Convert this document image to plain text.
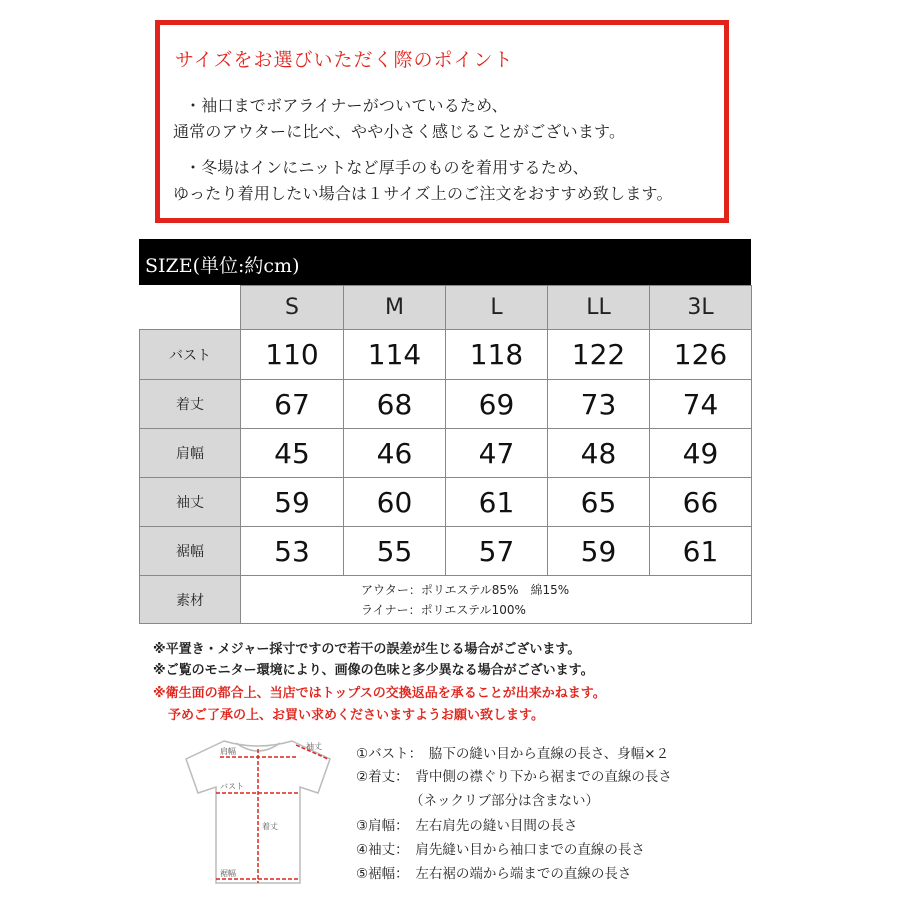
サイズをお選びいただく際のポイント
・袖口までボアライナーがついているため、
通常のアウターに比べ、やや小さく感じることがございます。
・冬場はインにニットなど厚手のものを着用するため、
ゆったり着用したい場合は１サイズ上のご注文をおすすめ致します。
SIZE(単位:約cm)
	S	M	L	LL	3L
バスト	110	114	118	122	126
着丈	67	68	69	73	74
肩幅	45	46	47	48	49
袖丈	59	60	61	65	66
裾幅	53	55	57	59	61
素材	アウター：ポリエステル85%　綿15%
ライナー：ポリエステル100%				
※平置き・メジャー採寸ですので若干の誤差が生じる場合がございます。
※ご覧のモニター環境により、画像の色味と多少異なる場合がございます。
※衛生面の都合上、当店ではトップスの交換返品を承ることが出来かねます。
予めご了承の上、お買い求めくださいますようお願い致します。
袖丈
肩幅
バスト
着丈
裾幅
①バスト：　脇下の縫い目から直線の長さ、身幅×２
②着丈：　背中側の襟ぐり下から裾までの直線の長さ
（ネックリブ部分は含まない）
③肩幅：　左右肩先の縫い目間の長さ
④袖丈：　肩先縫い目から袖口までの直線の長さ
⑤裾幅：　左右裾の端から端までの直線の長さ
